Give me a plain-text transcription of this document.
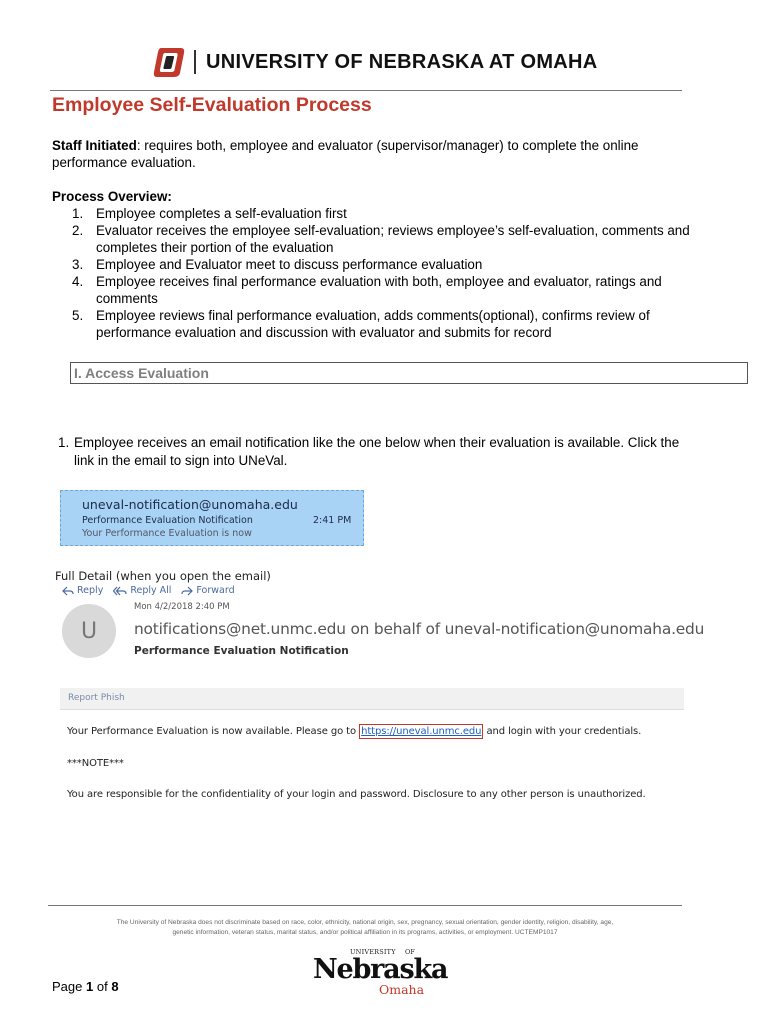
UNIVERSITY OF NEBRASKA AT OMAHA
Employee Self-Evaluation Process
Staff Initiated: requires both, employee and evaluator (supervisor/manager) to complete the online performance evaluation.
Process Overview:
1. Employee completes a self-evaluation first
2. Evaluator receives the employee self-evaluation; reviews employee’s self-evaluation, comments and completes their portion of the evaluation
3. Employee and Evaluator meet to discuss performance evaluation
4. Employee receives final performance evaluation with both, employee and evaluator, ratings and comments
5. Employee reviews final performance evaluation, adds comments(optional), confirms review of performance evaluation and discussion with evaluator and submits for record
I. Access Evaluation
1. Employee receives an email notification like the one below when their evaluation is available. Click the link in the email to sign into UNeVal.
uneval-notification@unomaha.edu
Performance Evaluation Notification	2:41 PM
Your Performance Evaluation is now
Full Detail (when you open the email)
Reply	Reply All	Forward
Mon 4/2/2018 2:40 PM
U	notifications@net.unmc.edu on behalf of uneval-notification@unomaha.edu
Performance Evaluation Notification
Report Phish
Your Performance Evaluation is now available. Please go to https://uneval.unmc.edu and login with your credentials.
***NOTE***
You are responsible for the confidentiality of your login and password. Disclosure to any other person is unauthorized.
The University of Nebraska does not discriminate based on race, color, ethnicity, national origin, sex, pregnancy, sexual orientation, gender identity, religion, disability, age, genetic information, veteran status, marital status, and/or political affiliation in its programs, activities, or employment. UCTEMP1017
Page 1 of 8
UNIVERSITY OF
Nebraska
Omaha
